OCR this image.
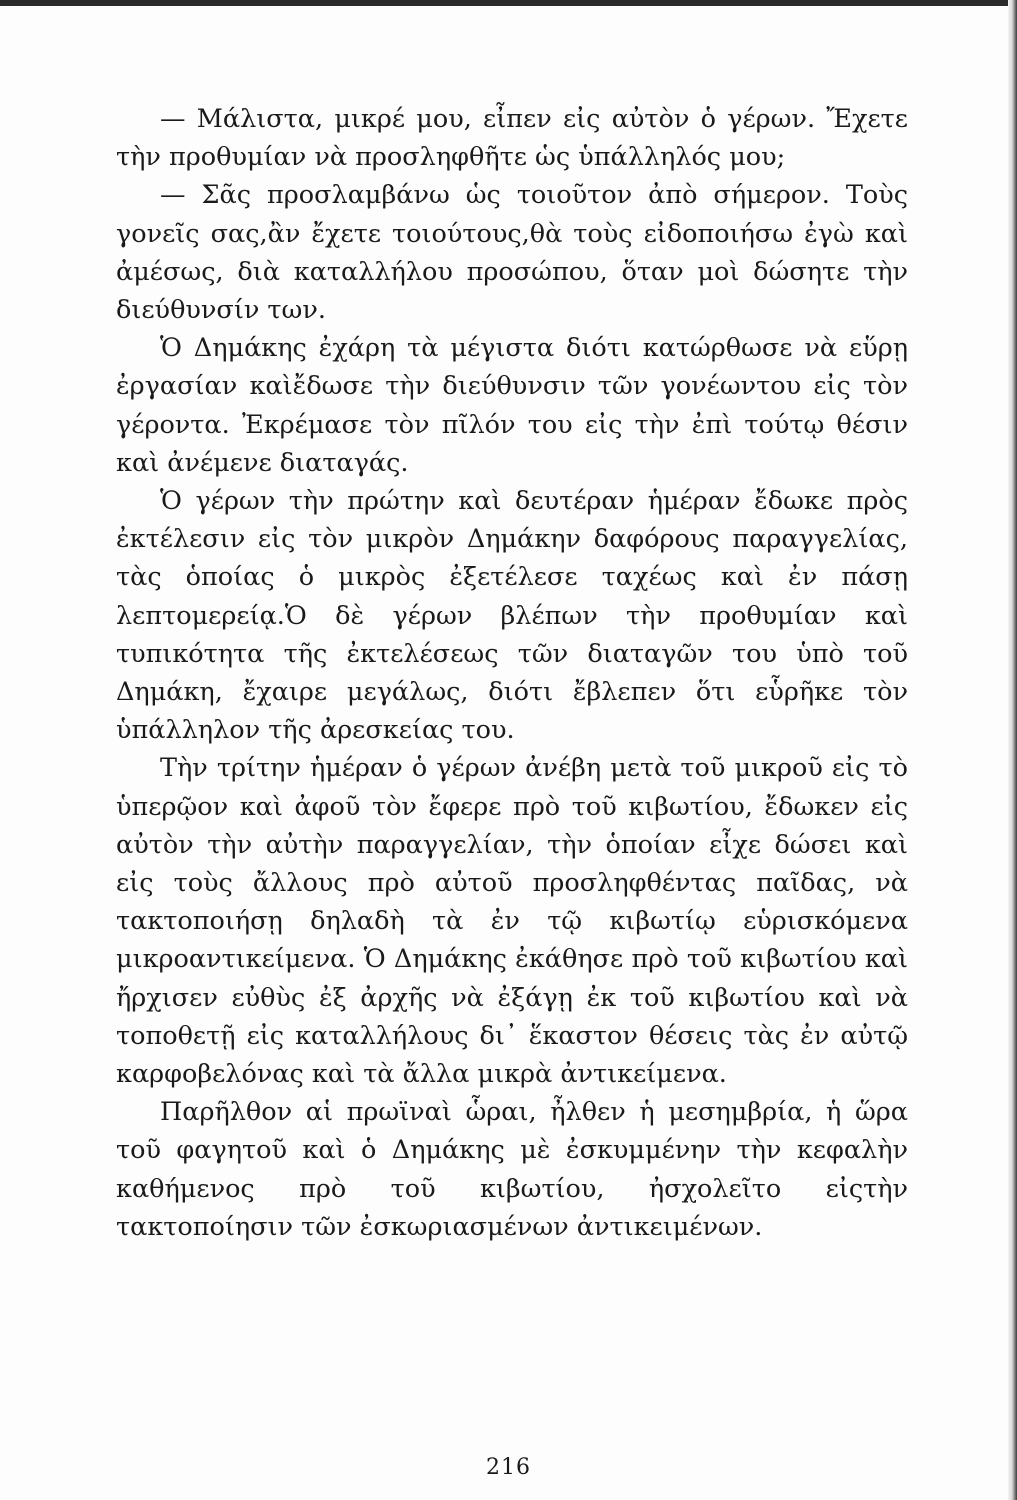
— Μάλιστα, μικρέ μου, εἶπεν εἰς αὐτὸν ὁ γέρων. Ἔχετε τὴν προθυμίαν νὰ προσληφθῆτε ὡς ὑπάλληλός μου;

— Σᾶς προσλαμβάνω ὡς τοιοῦτον ἀπὸ σήμερον. Τοὺς γονεῖς σας,ἂν ἔχετε τοιούτους,θὰ τοὺς εἰδοποιήσω ἐγὼ καὶ ἀμέσως, διὰ καταλλήλου προσώπου, ὅταν μοὶ δώσητε τὴν διεύθυνσίν των.

Ὁ Δημάκης ἐχάρη τὰ μέγιστα διότι κατώρθωσε νὰ εὕρῃ ἐργασίαν καὶἔδωσε τὴν διεύθυνσιν τῶν γονέωντου εἰς τὸν γέροντα. Ἐκρέμασε τὸν πῖλόν του εἰς τὴν ἐπὶ τούτῳ θέσιν καὶ ἀνέμενε διαταγάς.

Ὁ γέρων τὴν πρώτην καὶ δευτέραν ἡμέραν ἔδωκε πρὸς ἐκτέλεσιν εἰς τὸν μικρὸν Δημάκην δαφόρους παραγγελίας, τὰς ὁποίας ὁ μικρὸς ἐξετέλεσε ταχέως καὶ ἐν πάσῃ λεπτομερείᾳ.Ὁ δὲ γέρων βλέπων τὴν προθυμίαν καὶ τυπικότητα τῆς ἐκτελέσεως τῶν διαταγῶν του ὑπὸ τοῦ Δημάκη, ἔχαιρε μεγάλως, διότι ἔβλεπεν ὅτι εὗρῆκε τὸν ὑπάλληλον τῆς ἀρεσκείας του.

Τὴν τρίτην ἡμέραν ὁ γέρων ἀνέβη μετὰ τοῦ μικροῦ εἰς τὸ ὑπερῷον καὶ ἀφοῦ τὸν ἔφερε πρὸ τοῦ κιβωτίου, ἔδωκεν εἰς αὐτὸν τὴν αὐτὴν παραγγελίαν, τὴν ὁποίαν εἶχε δώσει καὶ εἰς τοὺς ἄλλους πρὸ αὐτοῦ προσληφθέντας παῖδας, νὰ τακτοποιήσῃ δηλαδὴ τὰ ἐν τῷ κιβωτίῳ εὑρισκόμενα μικροαντικείμενα. Ὁ Δημάκης ἐκάθησε πρὸ τοῦ κιβωτίου καὶ ἤρχισεν εὐθὺς ἐξ ἀρχῆς νὰ ἐξάγῃ ἐκ τοῦ κιβωτίου καὶ νὰ τοποθετῇ εἰς καταλλήλους δι᾽ ἕκαστον θέσεις τὰς ἐν αὐτῷ καρφοβελόνας καὶ τὰ ἄλλα μικρὰ ἀντικείμενα.

Παρῆλθον αἱ πρωϊναὶ ὧραι, ἦλθεν ἡ μεσημβρία, ἡ ὥρα τοῦ φαγητοῦ καὶ ὁ Δημάκης μὲ ἐσκυμμένην τὴν κεφαλὴν καθήμενος πρὸ τοῦ κιβωτίου, ἠσχολεῖτο εἰςτὴν τακτοποίησιν τῶν ἐσκωριασμένων ἀντικειμένων.

216
